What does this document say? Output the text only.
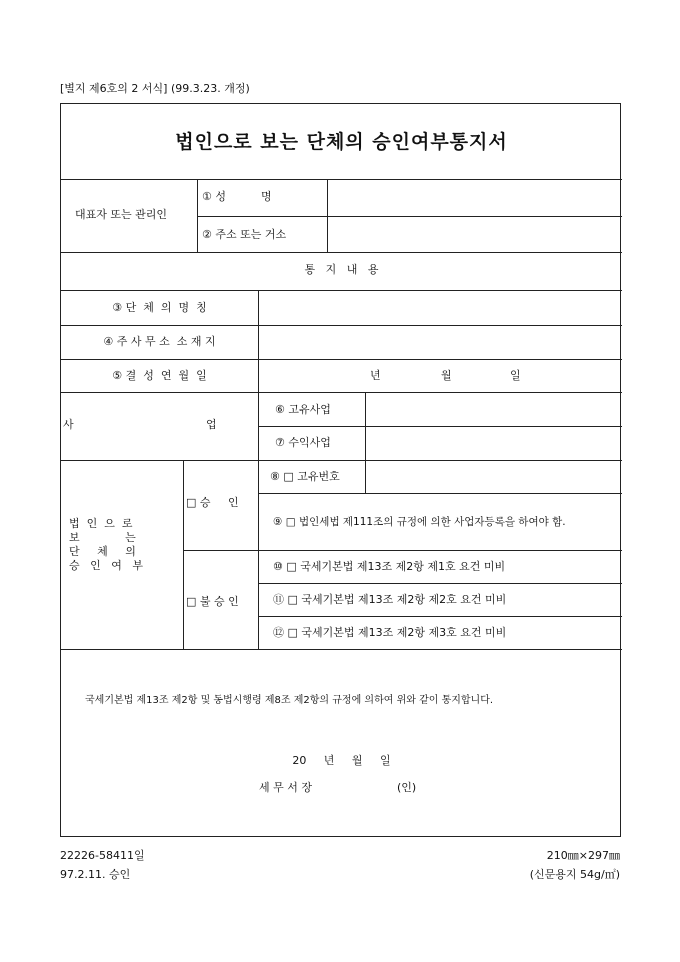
[별지 제6호의 2 서식] (99.3.23. 개정)
법인으로 보는 단체의 승인여부통지서
대표자 또는 관리인
① 성          명
② 주소 또는 거소
통   지   내   용
③ 단  체  의  명  칭
④ 주 사 무 소  소 재 지
⑤ 결  성  연  월  일	년	월	일
사	업
⑥ 고유사업
⑦ 수익사업
법  인  으  로
보             는
단     체     의
승   인   여   부
□ 승     인
⑧ □ 고유번호
⑨ □ 법인세법 제111조의 규정에 의한 사업자등록을 하여야 함.
□ 불 승 인
⑩ □ 국세기본법 제13조 제2항 제1호 요건 미비
⑪ □ 국세기본법 제13조 제2항 제2호 요건 미비
⑫ □ 국세기본법 제13조 제2항 제3호 요건 미비
국세기본법 제13조 제2항 및 동법시행령 제8조 제2항의 규정에 의하여 위와 같이 통지합니다.
20     년     월     일
세 무 서 장	(인)
22226-58411일
97.2.11. 승인
210㎜×297㎜
(신문용지 54g/㎡)
